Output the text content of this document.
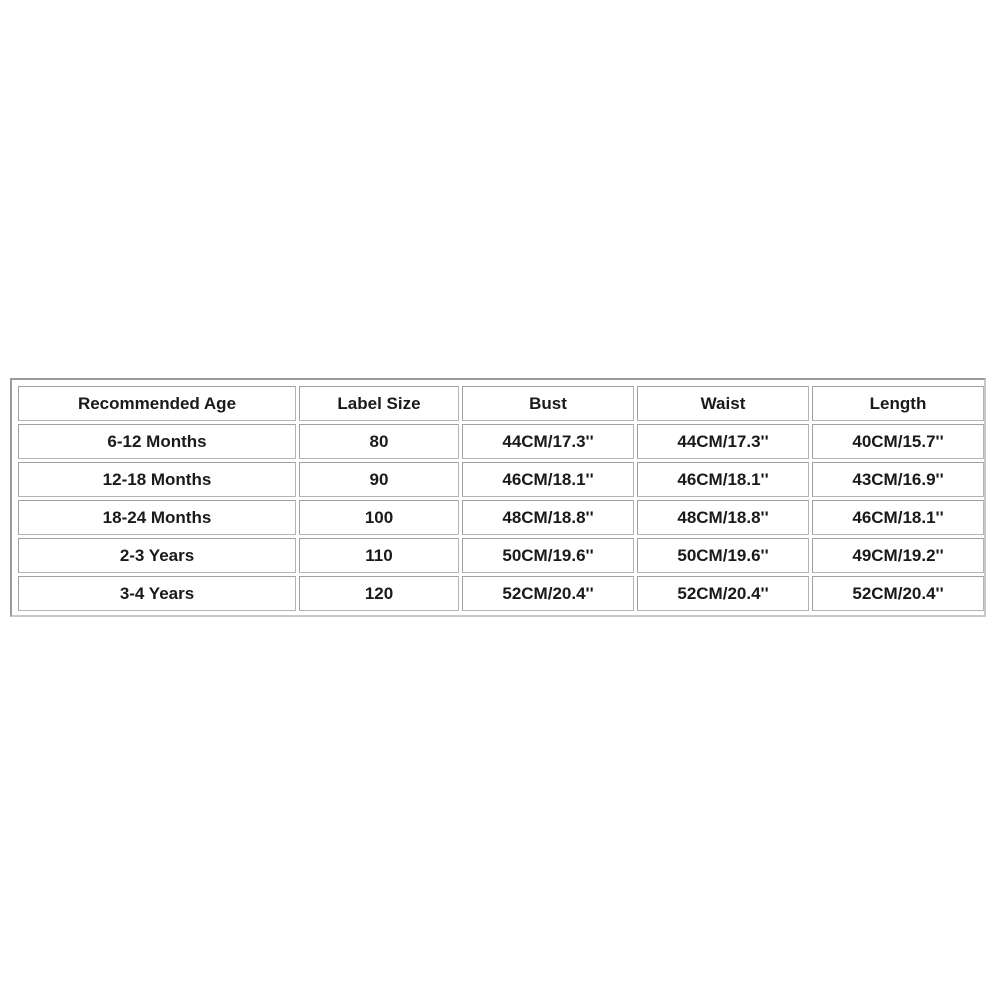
Recommended Age	Label Size	Bust	Waist	Length
6-12 Months	80	44CM/17.3''	44CM/17.3''	40CM/15.7''
12-18 Months	90	46CM/18.1''	46CM/18.1''	43CM/16.9''
18-24 Months	100	48CM/18.8''	48CM/18.8''	46CM/18.1''
2-3 Years	110	50CM/19.6''	50CM/19.6''	49CM/19.2''
3-4 Years	120	52CM/20.4''	52CM/20.4''	52CM/20.4''
